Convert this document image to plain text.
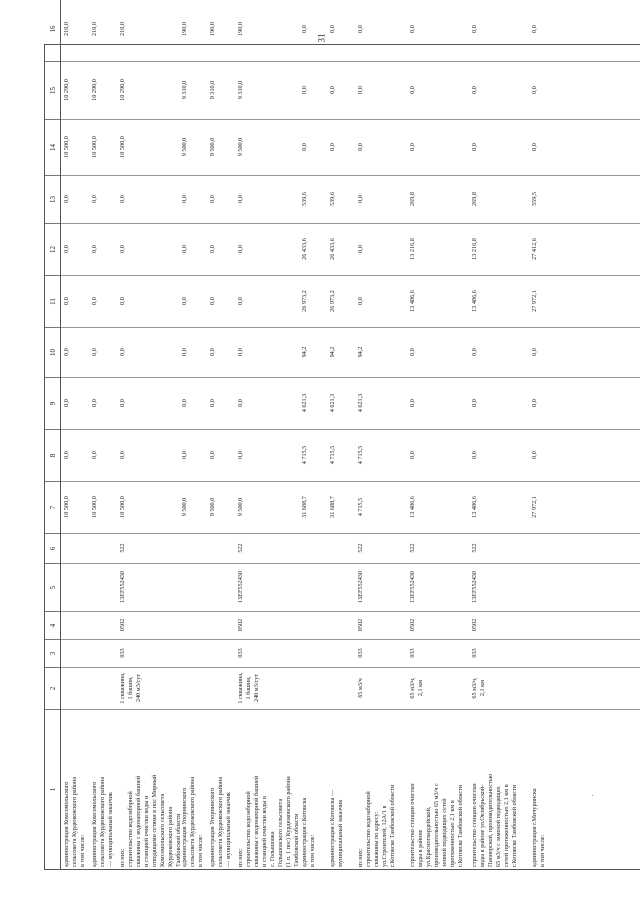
31
1
2
3
4
5
6
7
8
9
10
11
12
13
14
15
16
администрация Комсомольского
сельсовета Курдюковского района
в том числе:
10 500,0
0,0
0,0
0,0
0,0
0,0
0,0
10 500,0
10 290,0
210,0
администрация Комсомольского
сельсовета Курдюковского района
— муниципальный заказчик
10 500,0
0,0
0,0
0,0
0,0
0,0
0,0
10 500,0
10 290,0
210,0
из них:
строительство водозаборной
скважины с водонапорной башней
и станцией очистки воды и
отводящими сетями в пос Мирный
Комсомольского сельсовета
Курдюковского района
Тамбовской области
1 скважина,
1 башня,
240 м3/сут
033
0502
13ЕF552430
522
10 500,0
0,0
0,0
0,0
0,0
0,0
0,0
10 500,0
10 290,0
210,0
администрация Упорнинского
сельсовета Курдюковского района
в том числе:
9 500,0
0,0
0,0
0,0
0,0
0,0
0,0
9 500,0
9 310,0
190,0
администрация Упорнинского
сельсовета Курдюковского района
— муниципальный заказчик
9 500,0
0,0
0,0
0,0
0,0
0,0
0,0
9 500,0
9 310,0
190,0
из них:
строительство водозаборной
скважины с водонапорной башней
и станцией очистки воды в
с. Голышовка
Голышовского сельсовета
(1 п. 1 пос) Курдюковского района
Тамбовской области
1 скважина,
1 башня,
240 м3/сут
033
0502
13ЕF552430
522
9 500,0
0,0
0,0
0,0
0,0
0,0
0,0
9 500,0
9 310,0
190,0
администрация г.Котовска
в том числе:
31 688,7
4 715,5
4 621,3
94,2
26 973,2
26 433,6
539,6
0,0
0,0
0,0
администрация г.Котовска —
муниципальный заказчик
31 688,7
4 715,5
4 621,3
94,2
26 973,2
26 433,6
539,6
0,0
0,0
0,0
из них:
строительство водозаборной
скважины по адресу:
ул.Строителей, 12А/1 в
г.Котовске Тамбовской области
65 м3/ч
033
0502
13ЕF552430
522
4 715,5
4 715,5
4 621,3
94,2
0,0
0,0
0,0
0,0
0,0
0,0
строительство станции очистки
воды в районе
ул.Красногвардейской,
производительностью 65 м3/ч с
земной подводящих сетей
протяженностью 2,1 км в
г.Котовске Тамбовской области
65 м3/ч,
2,1 км
033
0502
13ЕF552430
522
13 486,6
0,0
0,0
0,0
13 486,6
13 216,8
269,8
0,0
0,0
0,0
строительство станции очистки
воды в районе ул.Октябрьской-
Пионерской, производительностью
65 м3/ч с заменой подводящих
сетей протяженностью 2,1 км в
г.Котовске Тамбовской области
65 м3/ч,
2,1 км
033
0502
13ЕF552430
522
13 486,6
0,0
0,0
0,0
13 486,6
13 216,8
269,8
0,0
0,0
0,0
администрация г.Мичуринска
в том числе:
27 972,1
0,0
0,0
0,0
27 972,1
27 412,6
559,5
0,0
0,0
0,0
